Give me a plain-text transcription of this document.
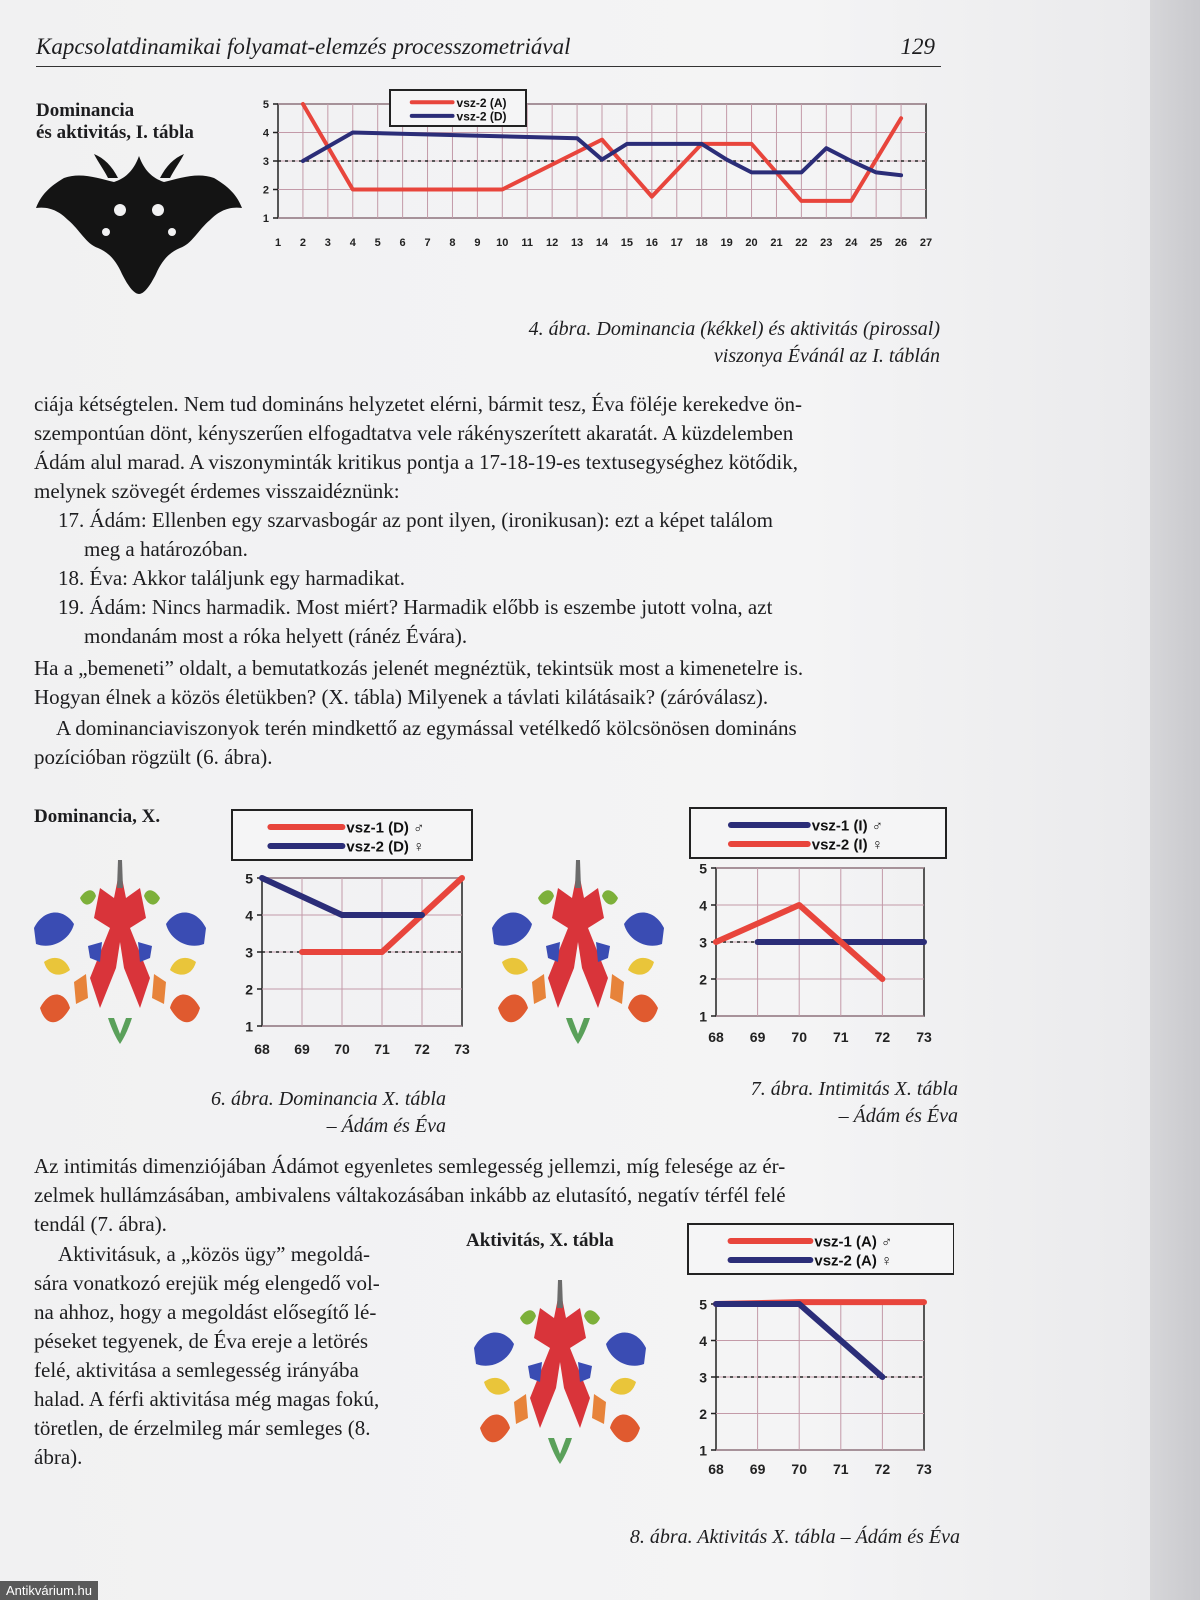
Kapcsolatdinamikai folyamat-elemzés processzometriával	129
Dominancia
és aktivitás, I. tábla
1 2 3 4 5 6 7 8 9 10 11 12 13 14 15 16 17 18 19 20 21 22 23 24 25 26 27
1
2
3
4
5	vsz-2 (A)
vsz-2 (D)
4. ábra. Dominancia (kékkel) és aktivitás (pirossal)
viszonya Évánál az I. táblán
ciája kétségtelen. Nem tud domináns helyzetet elérni, bármit tesz, Éva föléje kerekedve ön-
szempontúan dönt, kényszerűen elfogadtatva vele rákényszerített akaratát. A küzdelemben
Ádám alul marad. A viszonyminták kritikus pontja a 17-18-19-es textusegységhez kötődik,
melynek szövegét érdemes visszaidéznünk:
17. Ádám: Ellenben egy szarvasbogár az pont ilyen, (ironikusan): ezt a képet találom
meg a határozóban.
18. Éva: Akkor találjunk egy harmadikat.
19. Ádám: Nincs harmadik. Most miért? Harmadik előbb is eszembe jutott volna, azt
mondanám most a róka helyett (ránéz Évára).
Ha a „bemeneti” oldalt, a bemutatkozás jelenét megnéztük, tekintsük most a kimenetelre is.
Hogyan élnek a közös életükben? (X. tábla) Milyenek a távlati kilátásaik? (záróválasz).
A dominanciaviszonyok terén mindkettő az egymással vetélkedő kölcsönösen domináns
pozícióban rögzült (6. ábra).
Dominancia, X.
68 69 70 71 72 73
1
2
3
4
5
vsz-1 (D) ♂
vsz-2 (D) ♀
6. ábra. Dominancia X. tábla
– Ádám és Éva
68 69 70 71 72 73
1
2
3
4
5
vsz-1 (I) ♂
vsz-2 (I) ♀
7. ábra. Intimitás X. tábla
– Ádám és Éva
Az intimitás dimenziójában Ádámot egyenletes semlegesség jellemzi, míg felesége az ér-
zelmek hullámzásában, ambivalens váltakozásában inkább az elutasító, negatív térfél felé
tendál (7. ábra).
Aktivitásuk, a „közös ügy” megoldá-
sára vonatkozó erejük még elengedő vol-
na ahhoz, hogy a megoldást elősegítő lé-
péseket tegyenek, de Éva ereje a letörés
felé, aktivitása a semlegesség irányába
halad. A férfi aktivitása még magas fokú,
töretlen, de érzelmileg már semleges (8.
ábra).
Aktivitás, X. tábla
68 69 70 71 72 73
1
2
3
4
5
vsz-1 (A) ♂
vsz-2 (A) ♀
8. ábra. Aktivitás X. tábla – Ádám és Éva
Antikvárium.hu
